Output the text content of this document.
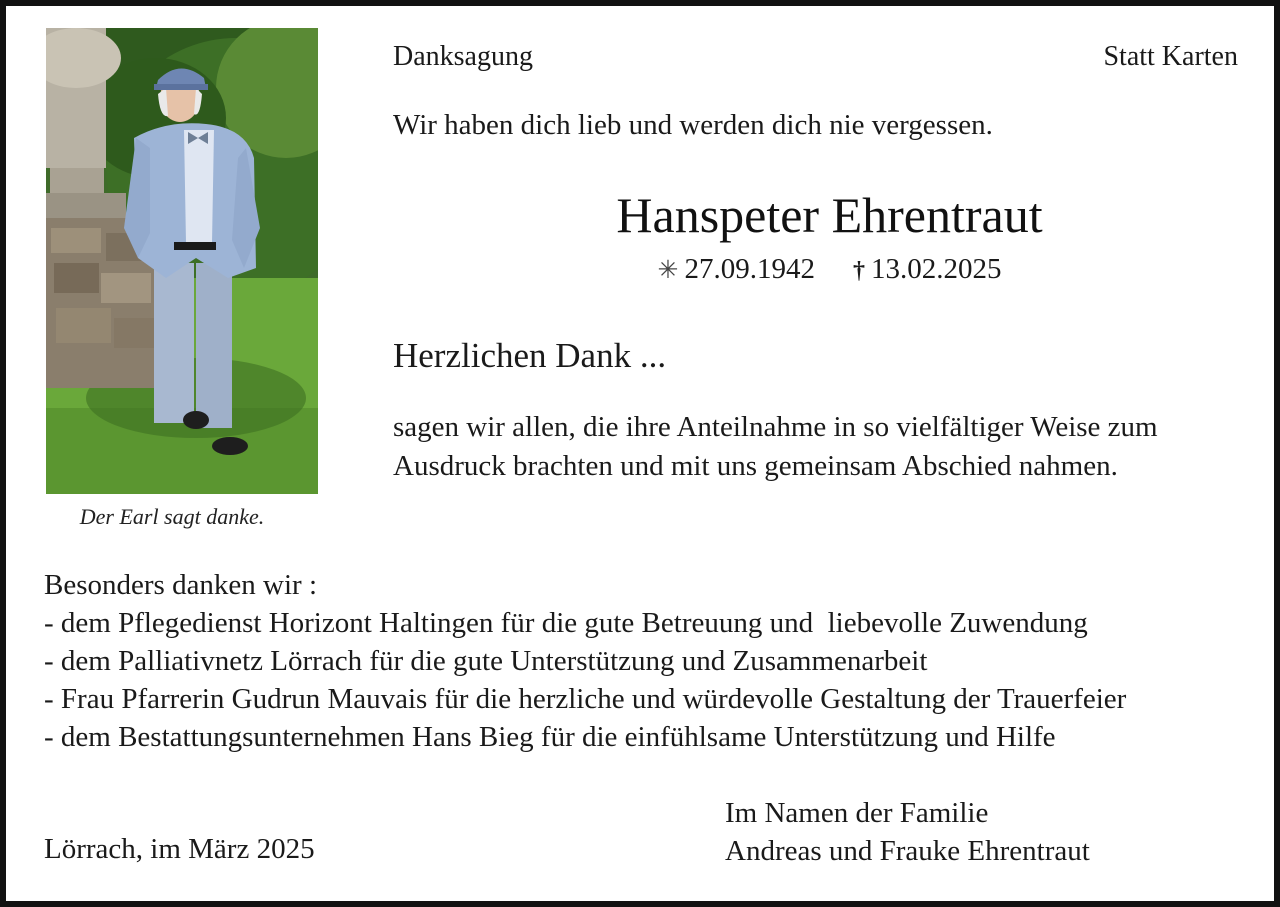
Der Earl sagt danke.
Danksagung	Statt Karten
Wir haben dich lieb und werden dich nie vergessen.
Hanspeter Ehrentraut
✳ 27.09.1942 † 13.02.2025
Herzlichen Dank ...
sagen wir allen, die ihre Anteilnahme in so vielfältiger Weise zum
Ausdruck brachten und mit uns gemeinsam Abschied nahmen.
Besonders danken wir :
- dem Pflegedienst Horizont Haltingen für die gute Betreuung und  liebevolle Zuwendung
- dem Palliativnetz Lörrach für die gute Unterstützung und Zusammenarbeit
- Frau Pfarrerin Gudrun Mauvais für die herzliche und würdevolle Gestaltung der Trauerfeier
- dem Bestattungsunternehmen Hans Bieg für die einfühlsame Unterstützung und Hilfe
Lörrach, im März 2025
Im Namen der Familie
Andreas und Frauke Ehrentraut
